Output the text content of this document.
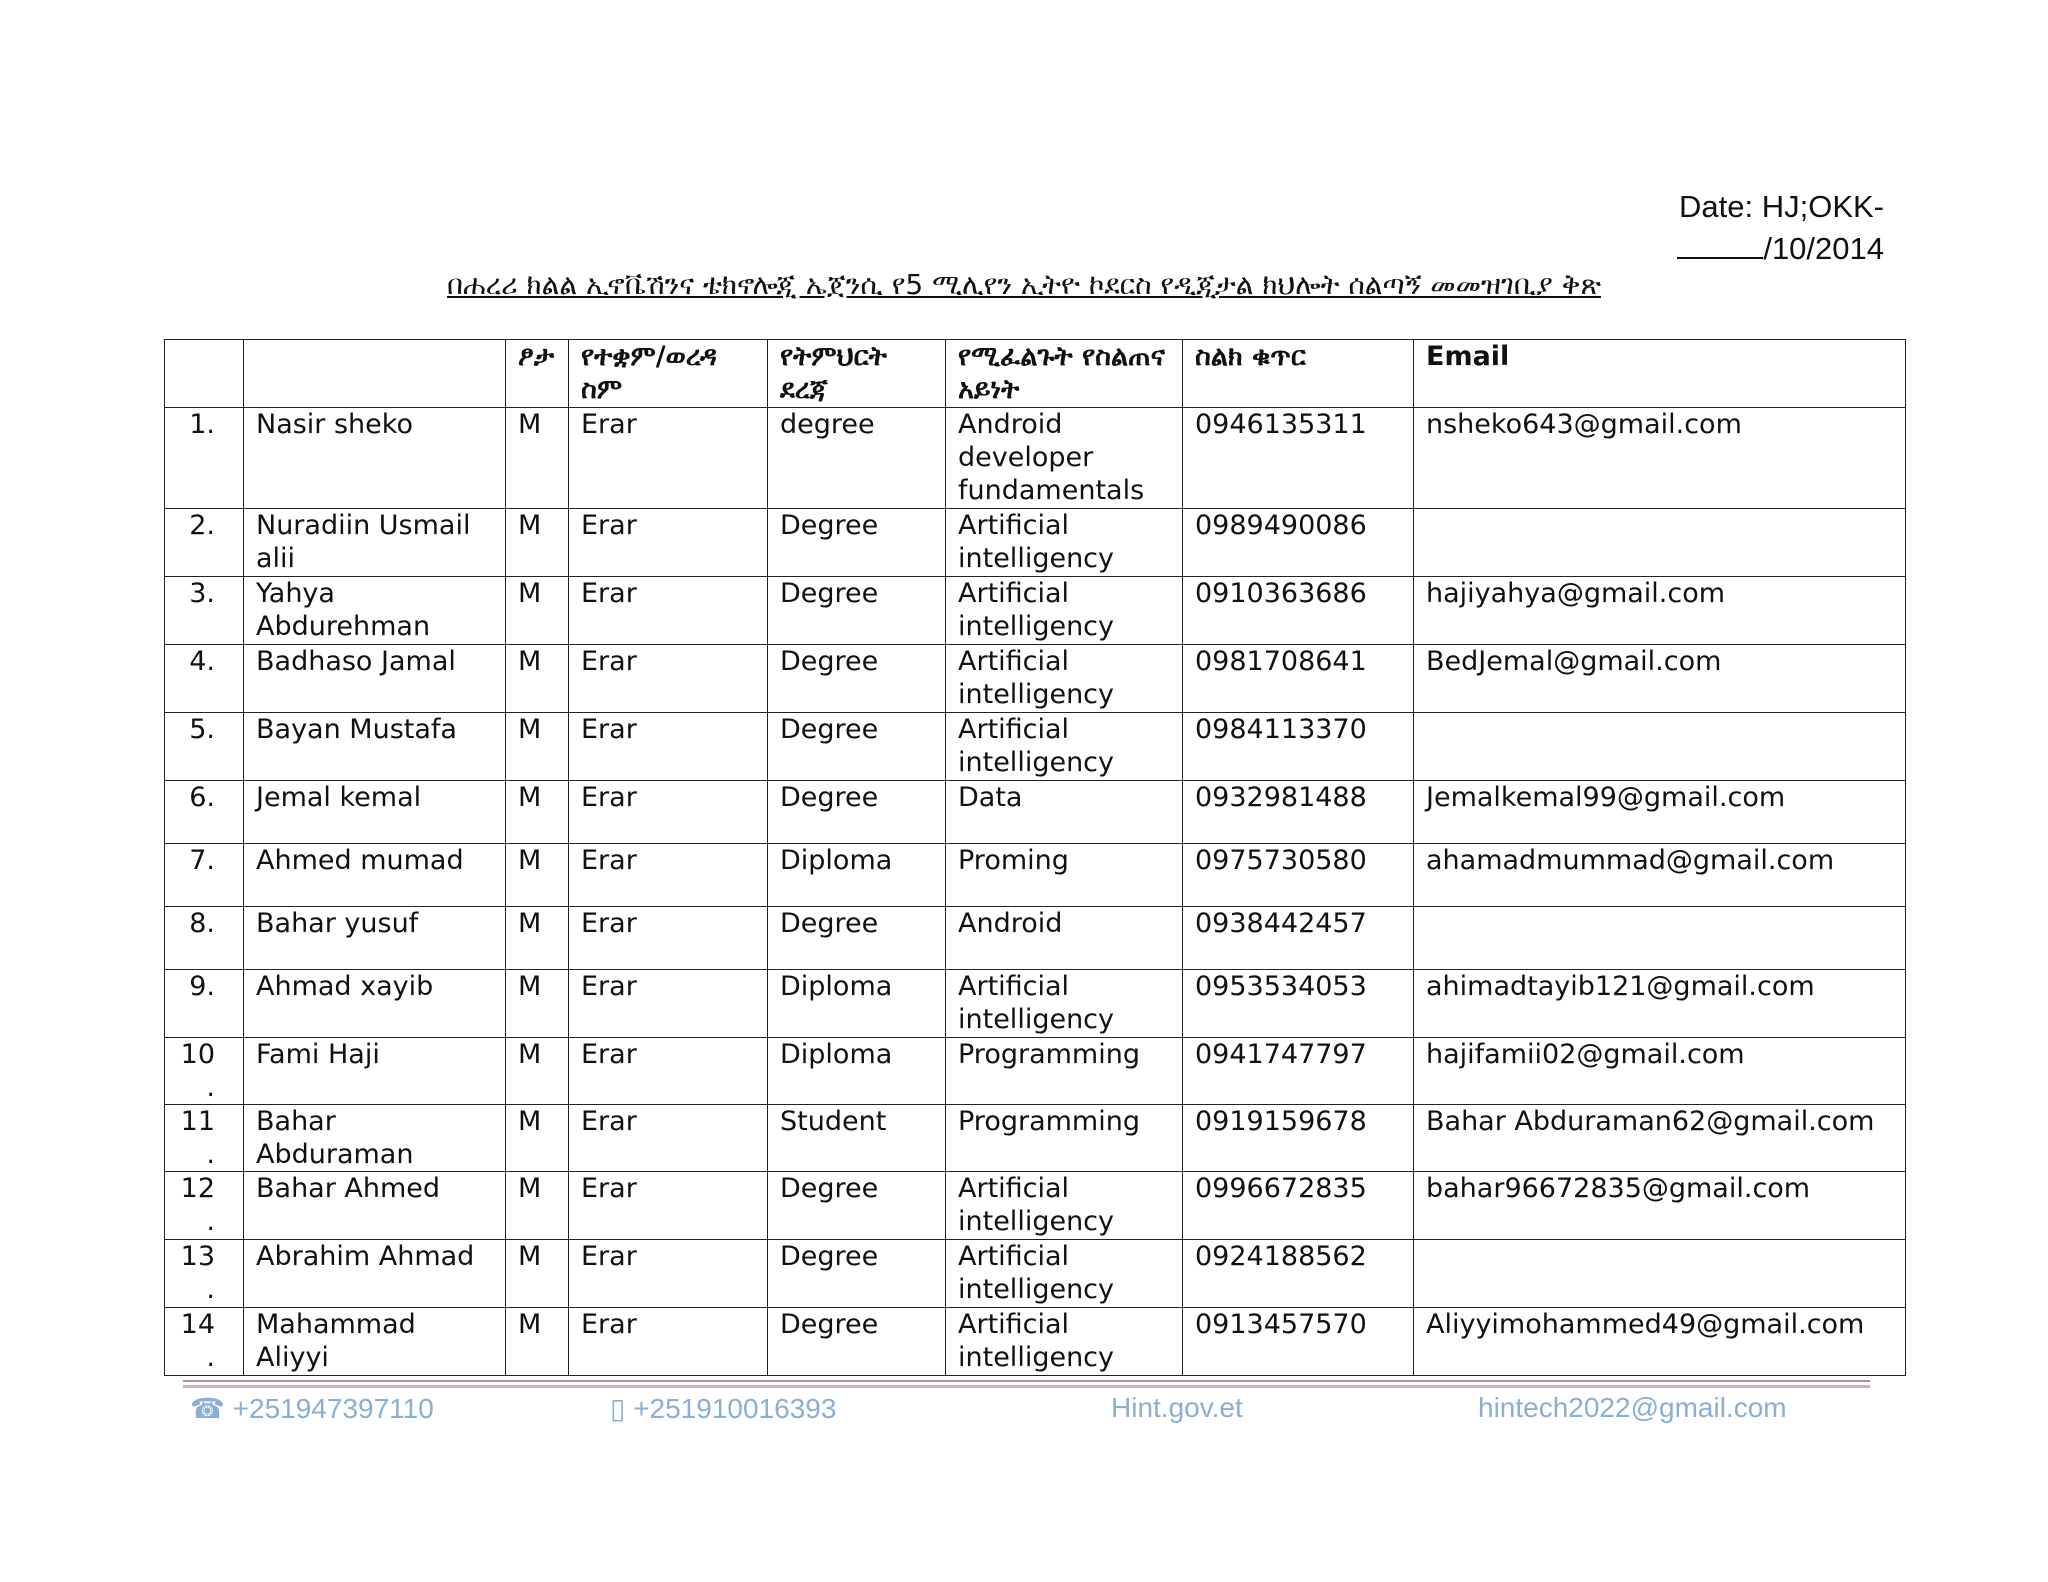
Date: HJ;OKK-
/10/2014
በሐረሪ ክልል ኢኖቬሽንና ቴክኖሎጂ ኤጀንሲ የ5 ሚሊየን ኢትዮ ኮደርስ የዲጂታል ክህሎት ሰልጣኝ መመዝገቢያ ቅጽ
		ፆታ	የተቋም/ወረዳ ስም	የትምህርት ደረጃ	የሚፈልጉት የስልጠና አይነት	ስልክ ቁጥር	Email
1.	Nasir sheko	M	Erar	degree	Android developer fundamentals	0946135311	nsheko643@gmail.com
2.	Nuradiin Usmail alii	M	Erar	Degree	Artificial intelligency	0989490086	
3.	Yahya Abdurehman	M	Erar	Degree	Artificial intelligency	0910363686	hajiyahya@gmail.com
4.	Badhaso Jamal	M	Erar	Degree	Artificial intelligency	0981708641	BedJemal@gmail.com
5.	Bayan Mustafa	M	Erar	Degree	Artificial intelligency	0984113370	
6.	Jemal kemal	M	Erar	Degree	Data	0932981488	Jemalkemal99@gmail.com
7.	Ahmed mumad	M	Erar	Diploma	Proming	0975730580	ahamadmummad@gmail.com
8.	Bahar yusuf	M	Erar	Degree	Android	0938442457	
9.	Ahmad xayib	M	Erar	Diploma	Artificial intelligency	0953534053	ahimadtayib121@gmail.com
10.	Fami Haji	M	Erar	Diploma	Programming	0941747797	hajifamii02@gmail.com
11.	Bahar Abduraman	M	Erar	Student	Programming	0919159678	Bahar Abduraman62@gmail.com
12.	Bahar Ahmed	M	Erar	Degree	Artificial intelligency	0996672835	bahar96672835@gmail.com
13.	Abrahim Ahmad	M	Erar	Degree	Artificial intelligency	0924188562	
14.	Mahammad Aliyyi	M	Erar	Degree	Artificial intelligency	0913457570	Aliyyimohammed49@gmail.com
☎ +251947397110	▯ +251910016393	Hint.gov.et	hintech2022@gmail.com
